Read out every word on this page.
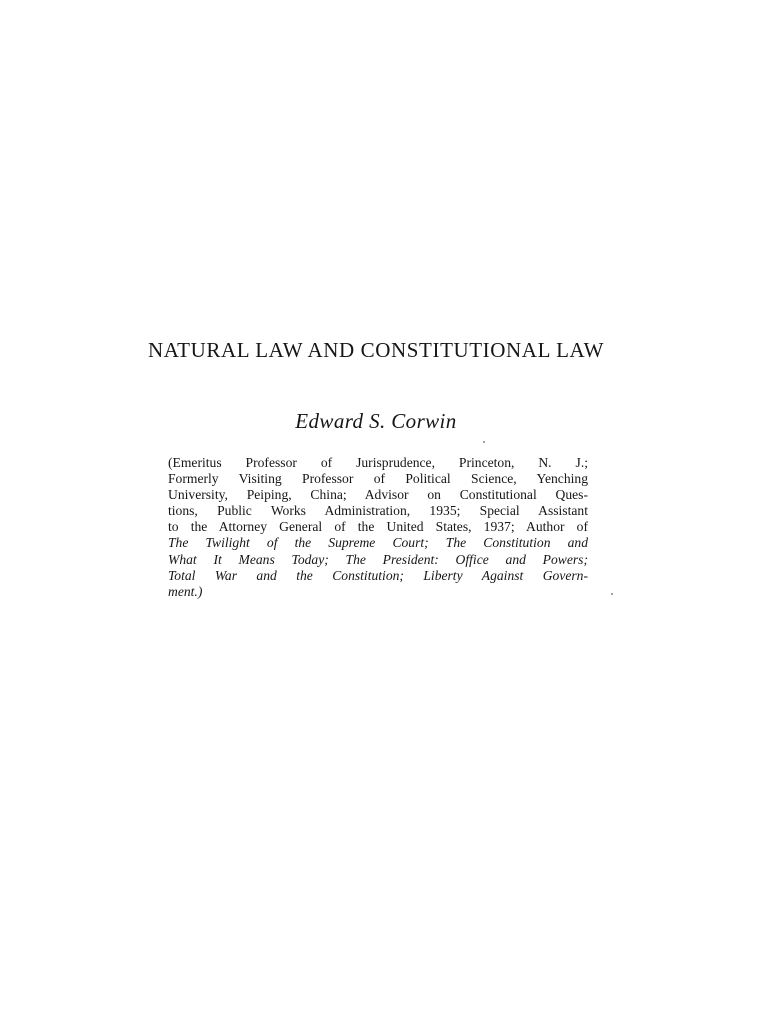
NATURAL LAW AND CONSTITUTIONAL LAW
Edward S. Corwin
(Emeritus Professor of Jurisprudence, Princeton, N. J.;
Formerly Visiting Professor of Political Science, Yenching
University, Peiping, China; Advisor on Constitutional Ques-
tions, Public Works Administration, 1935; Special Assistant
to the Attorney General of the United States, 1937; Author of
The Twilight of the Supreme Court; The Constitution and
What It Means Today; The President: Office and Powers;
Total War and the Constitution; Liberty Against Govern-
ment.)
